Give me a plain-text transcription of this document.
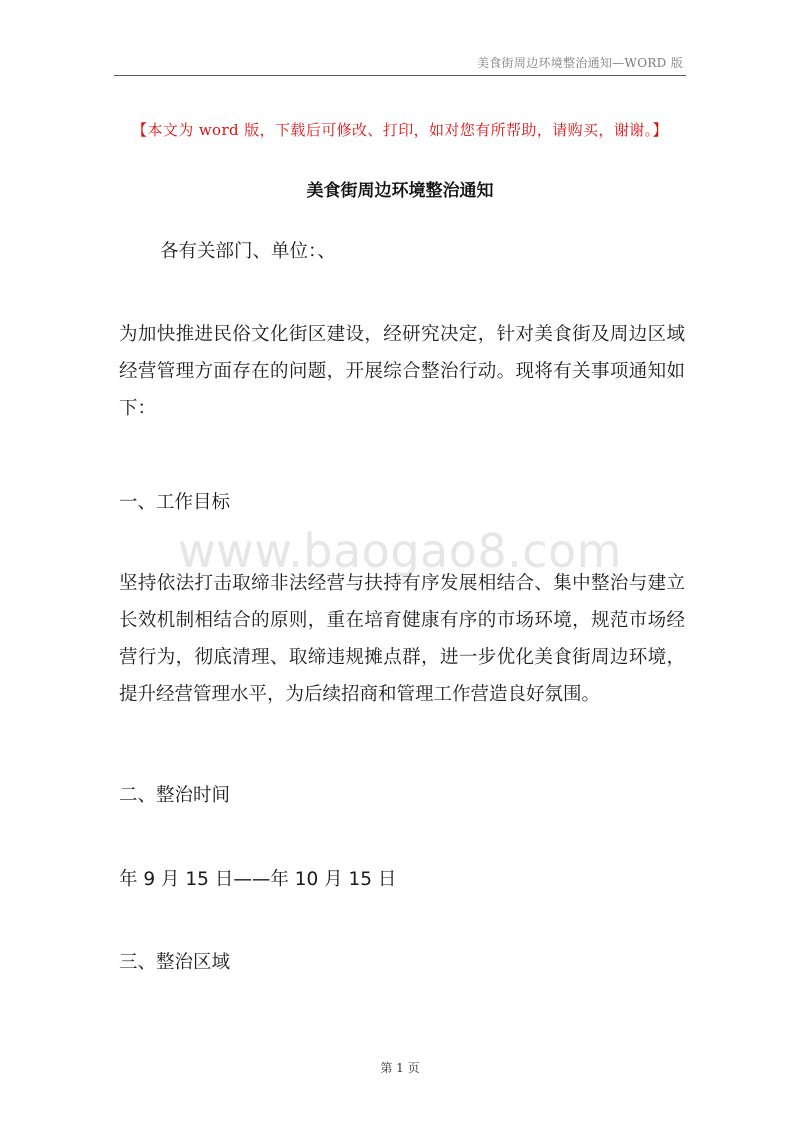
美食街周边环境整治通知—WORD 版
【本文为 word 版，下载后可修改、打印，如对您有所帮助，请购买，谢谢。】
美食街周边环境整治通知

各有关部门、单位：、

为加快推进民俗文化街区建设，经研究决定，针对美食街及周边区域经营管理方面存在的问题，开展综合整治行动。现将有关事项通知如下：

一、工作目标

www.baogao8.com

坚持依法打击取缔非法经营与扶持有序发展相结合、集中整治与建立长效机制相结合的原则，重在培育健康有序的市场环境，规范市场经营行为，彻底清理、取缔违规摊点群，进一步优化美食街周边环境，提升经营管理水平，为后续招商和管理工作营造良好氛围。

二、整治时间

年 9 月 15 日——年 10 月 15 日

三、整治区域

第 1 页
